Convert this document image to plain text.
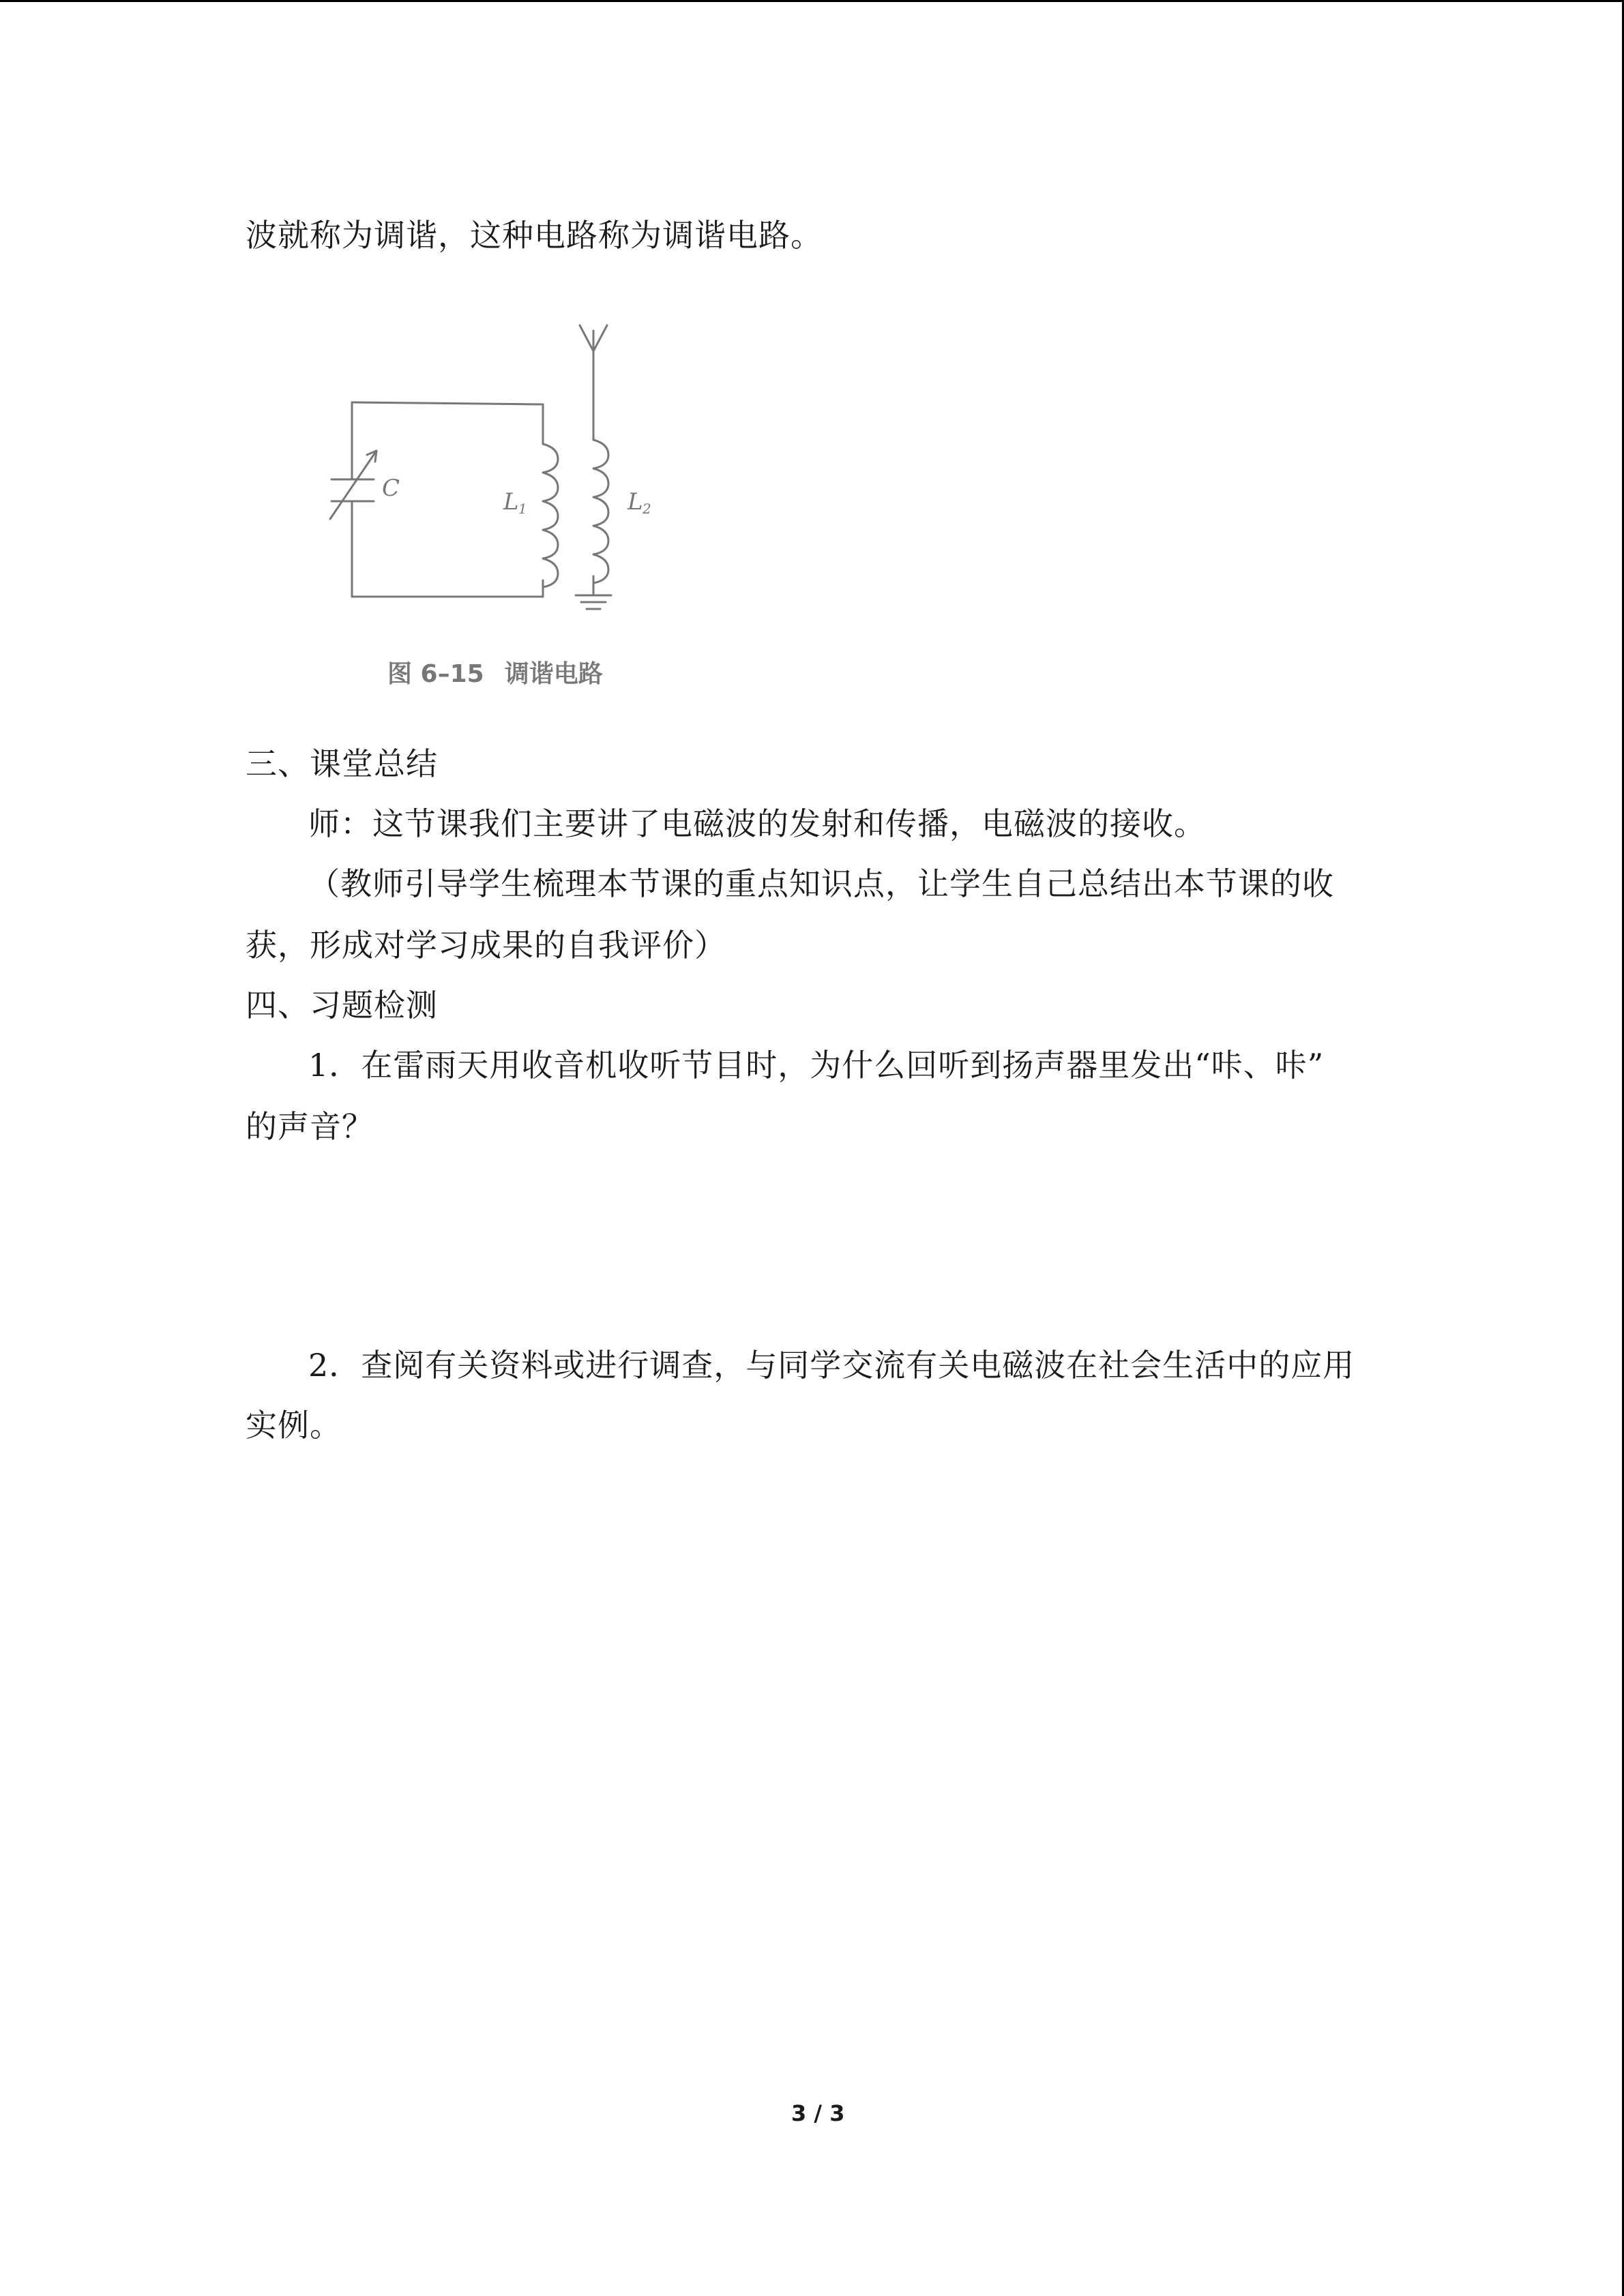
波就称为调谐，这种电路称为调谐电路。
C	L 1	L 2
图 6–15 调谐电路
三、课堂总结
师：这节课我们主要讲了电磁波的发射和传播，电磁波的接收。
（教师引导学生梳理本节课的重点知识点，让学生自己总结出本节课的收
获，形成对学习成果的自我评价）
四、习题检测
1．在雷雨天用收音机收听节目时，为什么回听到扬声器里发出“咔、咔”
的声音？
2．查阅有关资料或进行调查，与同学交流有关电磁波在社会生活中的应用
实例。
3 / 3
